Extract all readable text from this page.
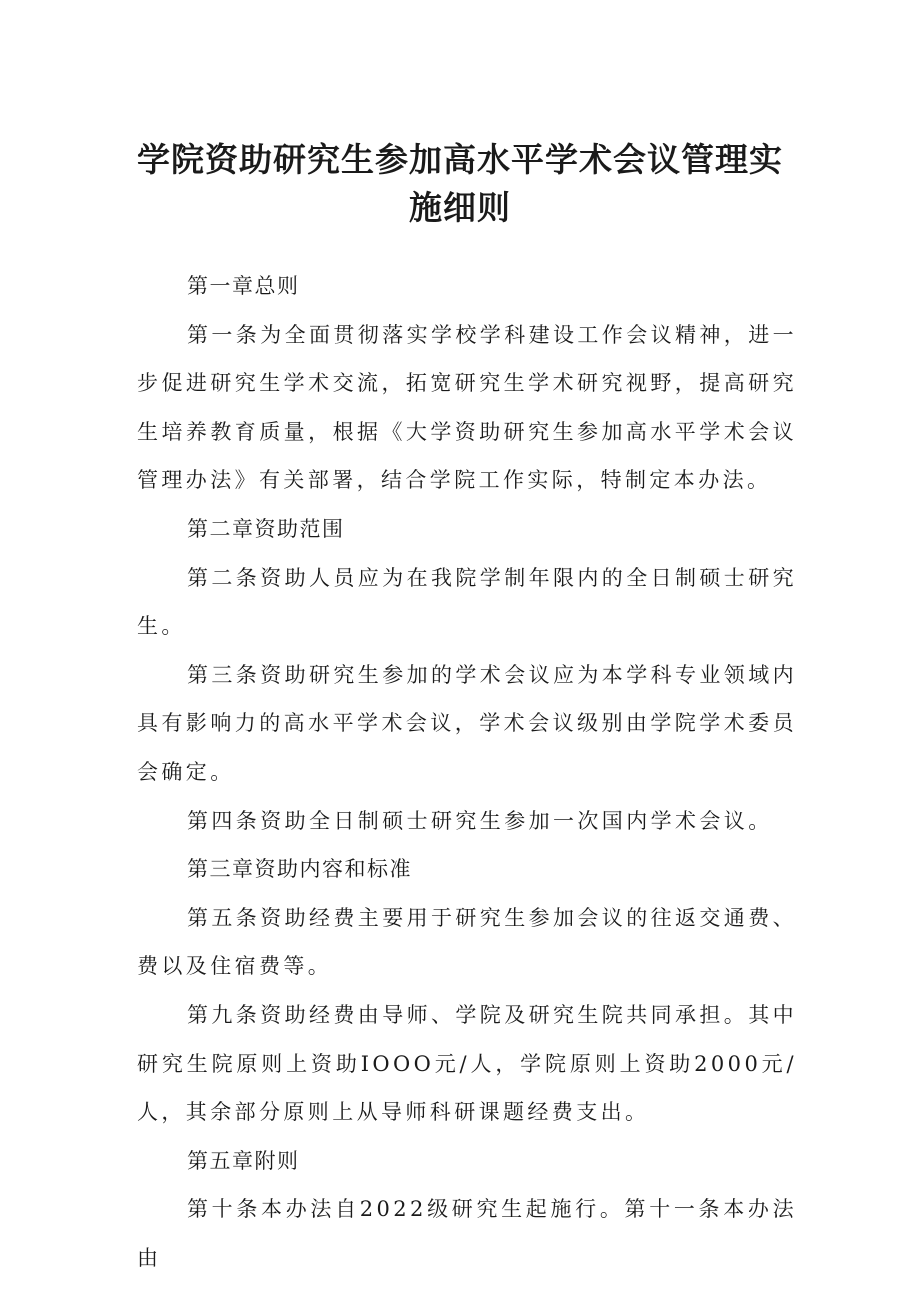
学院资助研究生参加高水平学术会议管理实
施细则

第一章总则

第一条为全面贯彻落实学校学科建设工作会议精神，进一步促进研究生学术交流，拓宽研究生学术研究视野，提高研究生培养教育质量，根据《大学资助研究生参加高水平学术会议管理办法》有关部署，结合学院工作实际，特制定本办法。

第二章资助范围

第二条资助人员应为在我院学制年限内的全日制硕士研究生。

第三条资助研究生参加的学术会议应为本学科专业领域内具有影响力的高水平学术会议，学术会议级别由学院学术委员会确定。

第四条资助全日制硕士研究生参加一次国内学术会议。

第三章资助内容和标准

第五条资助经费主要用于研究生参加会议的往返交通费、费以及住宿费等。

第九条资助经费由导师、学院及研究生院共同承担。其中研究生院原则上资助IOOO元/人，学院原则上资助2000元/人，其余部分原则上从导师科研课题经费支出。

第五章附则

第十条本办法自2022级研究生起施行。第十一条本办法由
